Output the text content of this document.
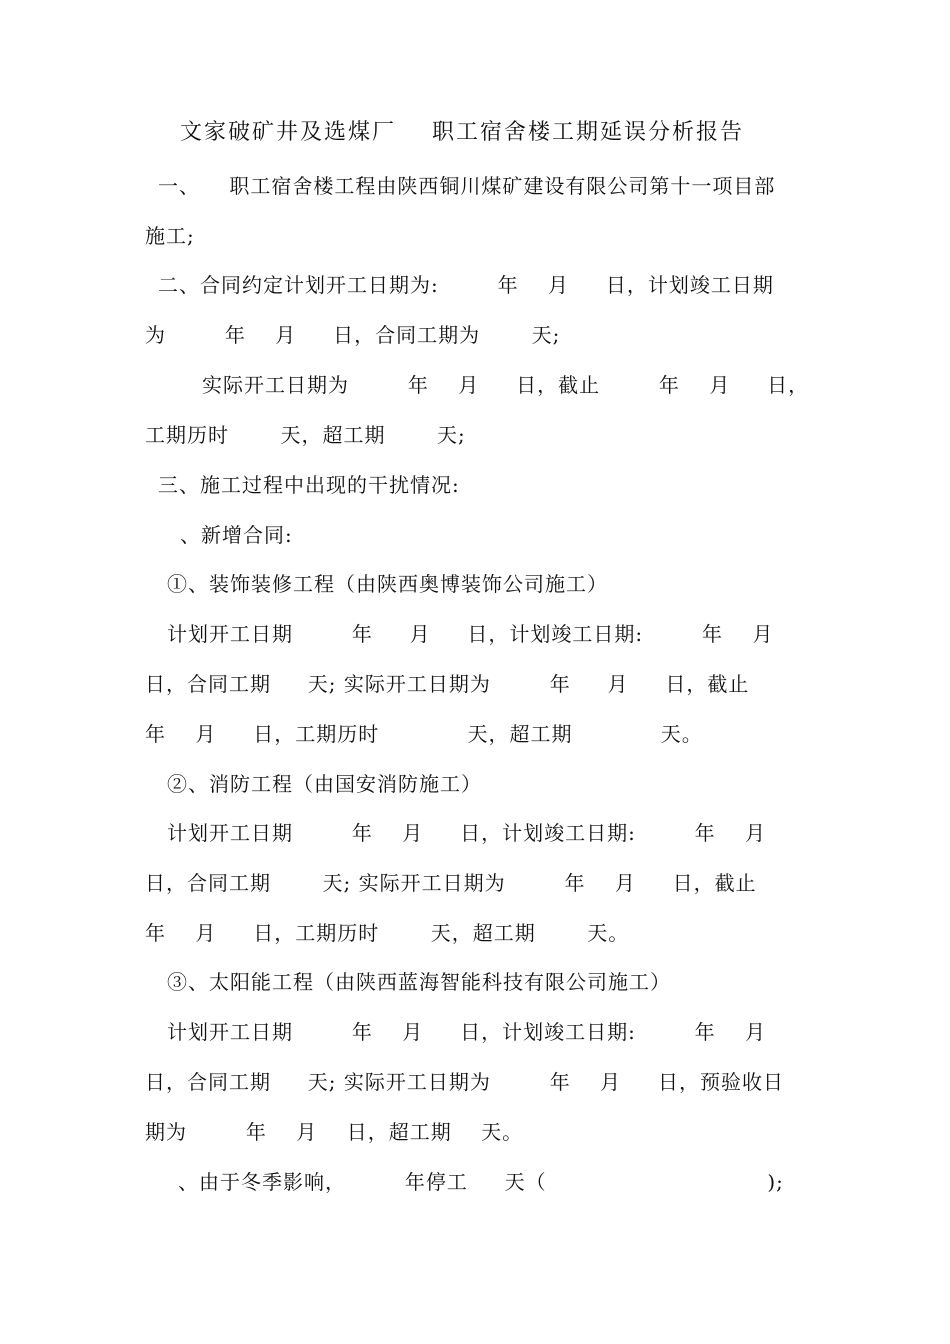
文家破矿井及选煤厂    职工宿舍楼工期延误分析报告
一、    职工宿舍楼工程由陕西铜川煤矿建设有限公司第十一项目部
施工;
二、合同约定计划开工日期为:        年    月     日，计划竣工日期
为        年    月     日，合同工期为       天;
实际开工日期为        年    月     日，截止        年    月     日，
工期历时       天，超工期       天;
三、施工过程中出现的干扰情况:
、新增合同:
①、装饰装修工程（由陕西奥博装饰公司施工）
计划开工日期        年     月     日，计划竣工日期:        年    月
日，合同工期     天; 实际开工日期为        年     月     日，截止
年    月     日，工期历时            天，超工期            天。
②、消防工程（由国安消防施工）
计划开工日期        年    月     日，计划竣工日期:        年    月
日，合同工期       天; 实际开工日期为        年    月     日，截止
年    月     日，工期历时       天，超工期       天。
③、太阳能工程（由陕西蓝海智能科技有限公司施工）
计划开工日期        年    月     日，计划竣工日期:        年    月
日，合同工期     天; 实际开工日期为        年    月     日，预验收日
期为        年    月    日，超工期    天。
、由于冬季影响，        年停工     天（                              );
